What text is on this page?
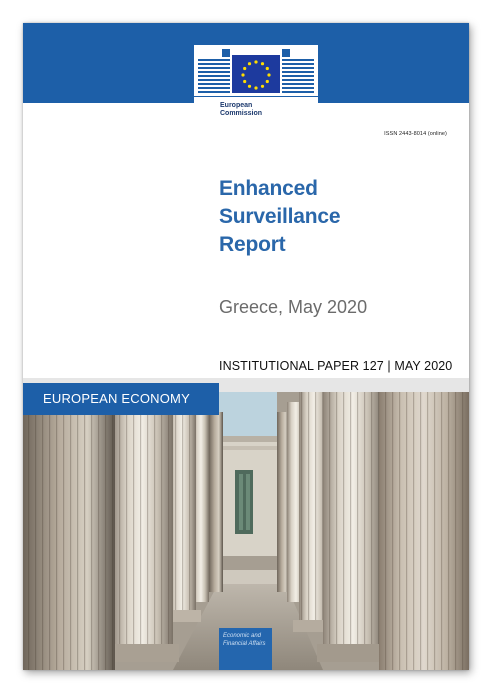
European
Commission
ISSN 2443-8014 (online)
Enhanced
Surveillance
Report
Greece, May 2020
INSTITUTIONAL PAPER 127 | MAY 2020
EUROPEAN ECONOMY
Economic and
Financial Affairs
